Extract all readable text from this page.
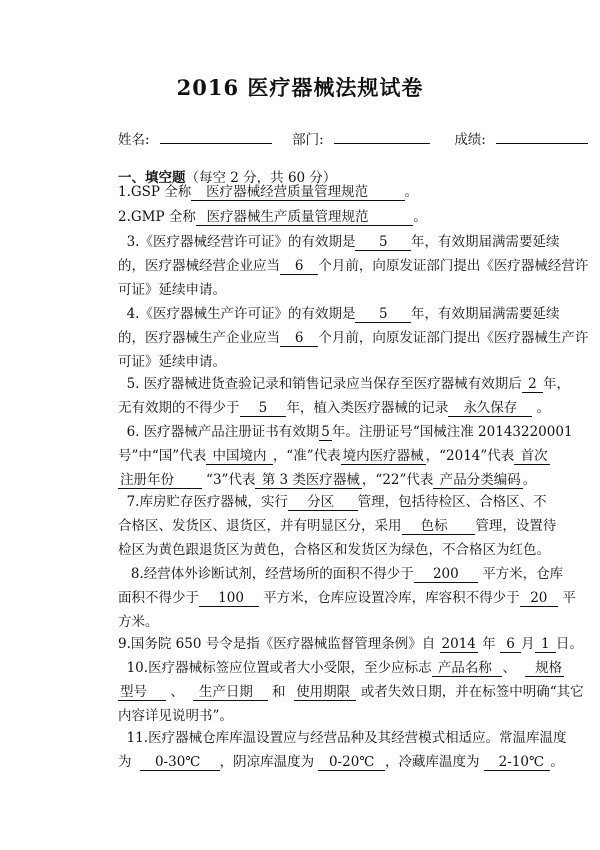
2016 医疗器械法规试卷
姓名:	部门:	成绩:
一、填空题（每空 2 分，共 60 分）

1.GSP 全称 医疗器械经营质量管理规范	。

2.GMP 全称 医疗器械生产质量管理规范	。

3.《医疗器械经营许可证》的有效期是 5 年，有效期届满需要延续

的，医疗器械经营企业应当 6 个月前，向原发证部门提出《医疗器械经营许

可证》延续申请。

4.《医疗器械生产许可证》的有效期是 5 年，有效期届满需要延续

的，医疗器械生产企业应当 6 个月前，向原发证部门提出《医疗器械生产许

可证》延续申请。

5. 医疗器械进货查验记录和销售记录应当保存至医疗器械有效期后 2 年，

无有效期的不得少于 5 年，植入类医疗器械的记录 永久保存 。

6. 医疗器械产品注册证书有效期 5 年。注册证号“国械注准 20143220001

号”中“国”代表 中国境内 ，“准”代表 境内医疗器械 ，“2014”代表 首次

注册年份 “3”代表 第 3 类医疗器械 ，“22”代表 产品分类编码 。

7.库房贮存医疗器械，实行 分区 管理，包括待检区、合格区、不

合格区、发货区、退货区，并有明显区分，采用 色标 管理，设置待

检区为黄色跟退货区为黄色，合格区和发货区为绿色，不合格区为红色。

8.经营体外诊断试剂，经营场所的面积不得少于 200 平方米，仓库

面积不得少于 100 平方米，仓库应设置冷库，库容积不得少于 20 平

方米。

9.国务院 650 号令是指《医疗器械监督管理条例》自 2014 年 6 月 1 日。

10.医疗器械标签应位置或者大小受限，至少应标志 产品名称 、 规格

型号 、 生产日期 和 使用期限 或者失效日期，并在标签中明确“其它

内容详见说明书”。

11.医疗器械仓库库温设置应与经营品种及其经营模式相适应。常温库温度

为 0-30℃ ，阴凉库温度为 0-20℃ ，冷藏库温度为 2-10℃ 。
